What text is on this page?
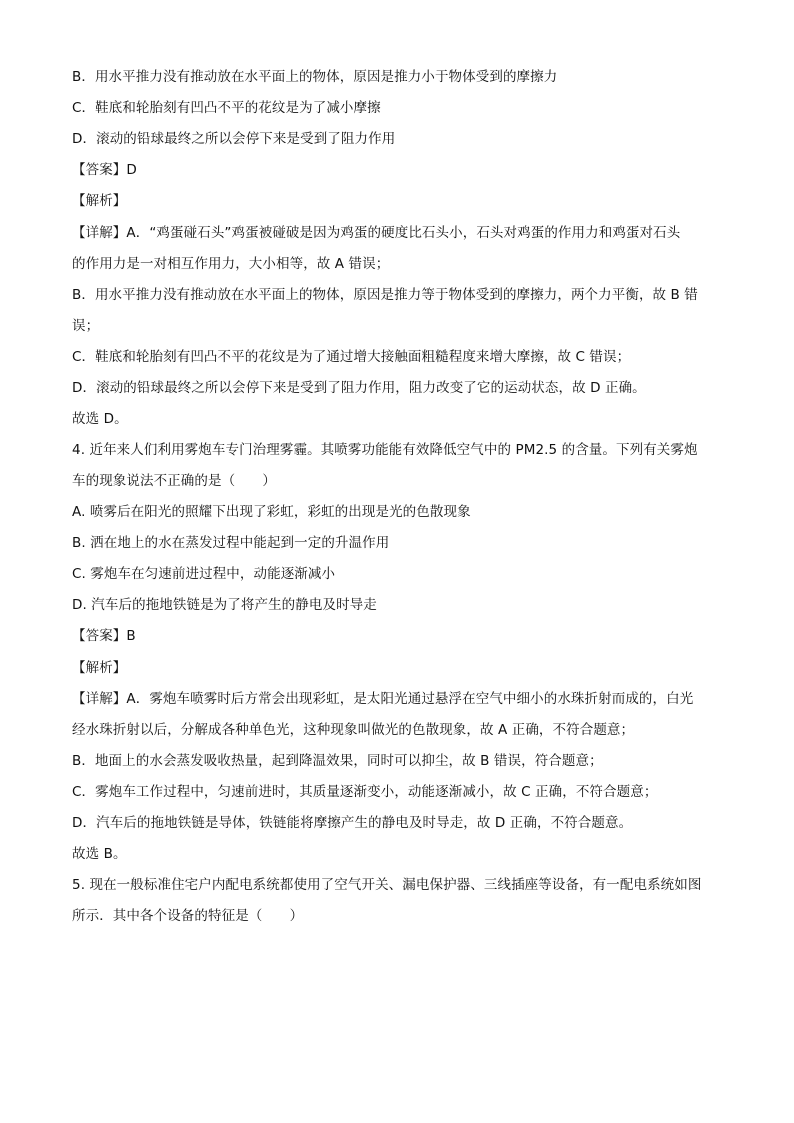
B．用水平推力没有推动放在水平面上的物体，原因是推力小于物体受到的摩擦力
C．鞋底和轮胎刻有凹凸不平的花纹是为了减小摩擦
D．滚动的铅球最终之所以会停下来是受到了阻力作用
【答案】D
【解析】
【详解】A．“鸡蛋碰石头”鸡蛋被碰破是因为鸡蛋的硬度比石头小，石头对鸡蛋的作用力和鸡蛋对石头
的作用力是一对相互作用力，大小相等，故 A 错误；
B．用水平推力没有推动放在水平面上的物体，原因是推力等于物体受到的摩擦力，两个力平衡，故 B 错
误；
C．鞋底和轮胎刻有凹凸不平的花纹是为了通过增大接触面粗糙程度来增大摩擦，故 C 错误；
D．滚动的铅球最终之所以会停下来是受到了阻力作用，阻力改变了它的运动状态，故 D 正确。
故选 D。
4. 近年来人们利用雾炮车专门治理雾霾。其喷雾功能能有效降低空气中的 PM2.5 的含量。下列有关雾炮
车的现象说法不正确的是（　　）
A. 喷雾后在阳光的照耀下出现了彩虹，彩虹的出现是光的色散现象
B. 洒在地上的水在蒸发过程中能起到一定的升温作用
C. 雾炮车在匀速前进过程中，动能逐渐减小
D. 汽车后的拖地铁链是为了将产生的静电及时导走
【答案】B
【解析】
【详解】A．雾炮车喷雾时后方常会出现彩虹，是太阳光通过悬浮在空气中细小的水珠折射而成的，白光
经水珠折射以后，分解成各种单色光，这种现象叫做光的色散现象，故 A 正确，不符合题意；
B．地面上的水会蒸发吸收热量，起到降温效果，同时可以抑尘，故 B 错误，符合题意；
C．雾炮车工作过程中，匀速前进时，其质量逐渐变小，动能逐渐减小，故 C 正确，不符合题意；
D．汽车后的拖地铁链是导体，铁链能将摩擦产生的静电及时导走，故 D 正确，不符合题意。
故选 B。
5. 现在一般标准住宅户内配电系统都使用了空气开关、漏电保护器、三线插座等设备，有一配电系统如图
所示．其中各个设备的特征是（　　）
